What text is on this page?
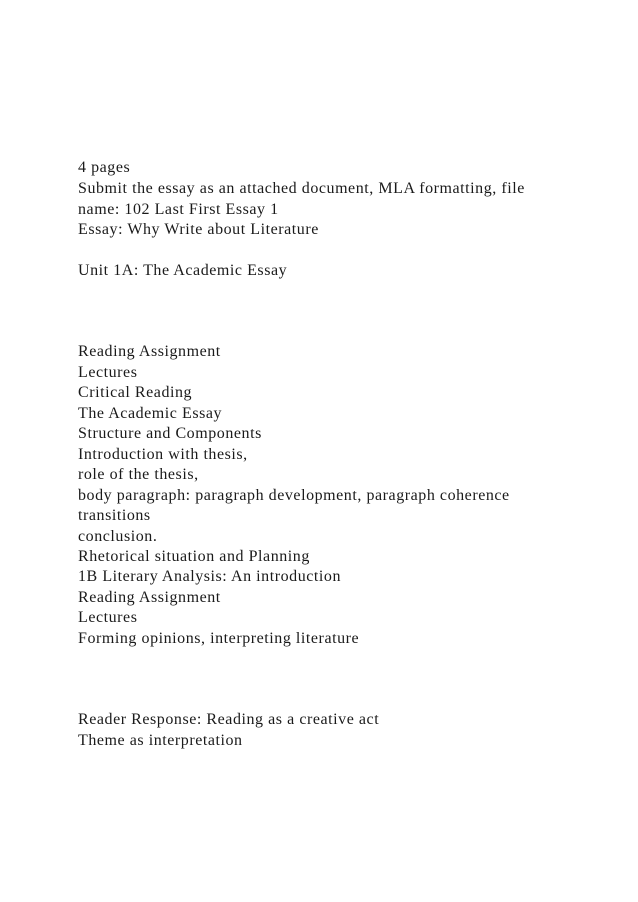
4 pages

Submit the essay as an attached document, MLA formatting, file

name: 102 Last First Essay 1

Essay: Why Write about Literature

Unit 1A: The Academic Essay

Reading Assignment

Lectures

Critical Reading

The Academic Essay

Structure and Components

Introduction with thesis,

role of the thesis,

body paragraph: paragraph development, paragraph coherence

transitions

conclusion.

Rhetorical situation and Planning

1B Literary Analysis: An introduction

Reading Assignment

Lectures

Forming opinions, interpreting literature

Reader Response: Reading as a creative act

Theme as interpretation
